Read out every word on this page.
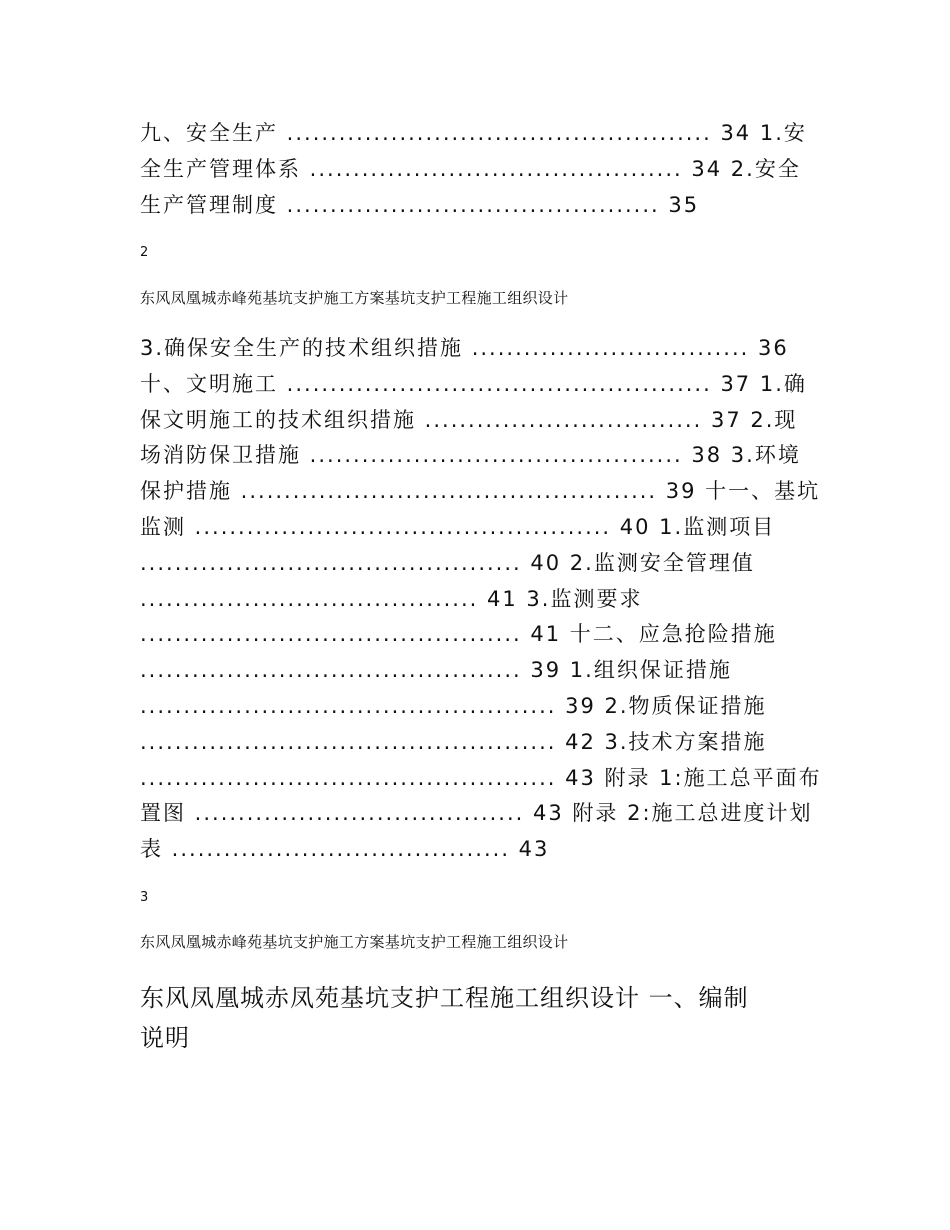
九、安全生产 ................................................. 34 1.安
全生产管理体系 ........................................... 34 2.安全
生产管理制度 ........................................... 35
2
东风凤凰城赤峰苑基坑支护施工方案基坑支护工程施工组织设计
3.确保安全生产的技术组织措施 ................................ 36
十、文明施工 ................................................. 37 1.确
保文明施工的技术组织措施 ................................ 37 2.现
场消防保卫措施 ........................................... 38 3.环境
保护措施 ................................................ 39 十一、基坑
监测 ................................................ 40 1.监测项目
............................................ 40 2.监测安全管理值
....................................... 41 3.监测要求
............................................ 41 十二、应急抢险措施
............................................ 39 1.组织保证措施
................................................ 39 2.物质保证措施
................................................ 42 3.技术方案措施
................................................ 43 附录 1:施工总平面布
置图 ...................................... 43 附录 2:施工总进度计划
表 ....................................... 43
3
东风凤凰城赤峰苑基坑支护施工方案基坑支护工程施工组织设计
东风凤凰城赤凤苑基坑支护工程施工组织设计 一、编制
说明
